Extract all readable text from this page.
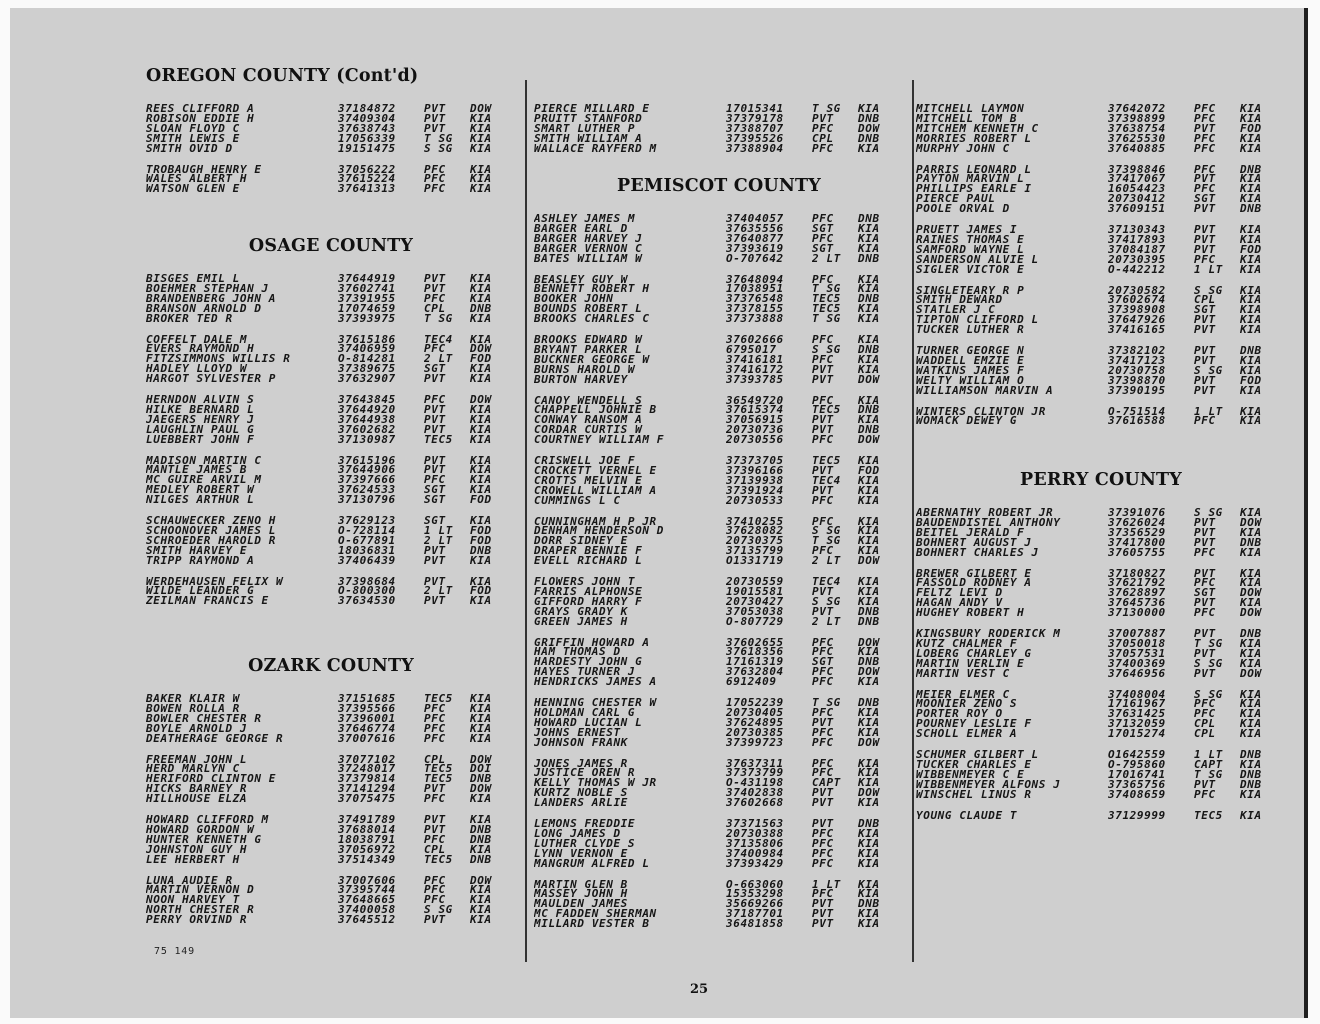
OREGON COUNTY (Cont'd)
REES CLIFFORD A	37184872	PVT	DOW
ROBISON EDDIE H	37409304	PVT	KIA
SLOAN FLOYD C	37638743	PVT	KIA
SMITH LEWIS E	17056339	T SG	KIA
SMITH OVID D	19151475	S SG	KIA
TROBAUGH HENRY E	37056222	PFC	KIA
WALES ALBERT H	37615224	PFC	KIA
WATSON GLEN E	37641313	PFC	KIA
OSAGE COUNTY
BISGES EMIL L	37644919	PVT	KIA
BOEHMER STEPHAN J	37602741	PVT	KIA
BRANDENBERG JOHN A	37391955	PFC	KIA
BRANSON ARNOLD D	17074659	CPL	DNB
BROKER TED R	37393975	T SG	KIA
COFFELT DALE M	37615186	TEC4	KIA
EVERS RAYMOND H	37406959	PFC	DOW
FITZSIMMONS WILLIS R	O-814281	2 LT	FOD
HADLEY LLOYD W	37389675	SGT	KIA
HARGOT SYLVESTER P	37632907	PVT	KIA
HERNDON ALVIN S	37643845	PFC	DOW
HILKE BERNARD L	37644920	PVT	KIA
JAEGERS HENRY J	37644938	PVT	KIA
LAUGHLIN PAUL G	37602682	PVT	KIA
LUEBBERT JOHN F	37130987	TEC5	KIA
MADISON MARTIN C	37615196	PVT	KIA
MANTLE JAMES B	37644906	PVT	KIA
MC GUIRE ARVIL M	37397666	PFC	KIA
MEDLEY ROBERT W	37624533	SGT	KIA
NILGES ARTHUR L	37130796	SGT	FOD
SCHAUWECKER ZENO H	37629123	SGT	KIA
SCHOONOVER JAMES L	O-728114	1 LT	FOD
SCHROEDER HAROLD R	O-677891	2 LT	FOD
SMITH HARVEY E	18036831	PVT	DNB
TRIPP RAYMOND A	37406439	PVT	KIA
WERDEHAUSEN FELIX W	37398684	PVT	KIA
WILDE LEANDER G	O-800300	2 LT	FOD
ZEILMAN FRANCIS E	37634530	PVT	KIA
OZARK COUNTY
BAKER KLAIR W	37151685	TEC5	KIA
BOWEN ROLLA R	37395566	PFC	KIA
BOWLER CHESTER R	37396001	PFC	KIA
BOYLE ARNOLD J	37646774	PFC	KIA
DEATHERAGE GEORGE R	37007616	PFC	KIA
FREEMAN JOHN L	37077102	CPL	DOW
HERD MARLYN C	37248017	TEC5	DOI
HERIFORD CLINTON E	37379814	TEC5	DNB
HICKS BARNEY R	37141294	PVT	DOW
HILLHOUSE ELZA	37075475	PFC	KIA
HOWARD CLIFFORD M	37491789	PVT	KIA
HOWARD GORDON W	37688014	PVT	DNB
HUNTER KENNETH G	18038791	PFC	DNB
JOHNSTON GUY H	37056972	CPL	KIA
LEE HERBERT H	37514349	TEC5	DNB
LUNA AUDIE R	37007606	PFC	DOW
MARTIN VERNON D	37395744	PFC	KIA
NOON HARVEY T	37648665	PFC	KIA
NORTH CHESTER R	37400058	S SG	KIA
PERRY ORVIND R	37645512	PVT	KIA
PIERCE MILLARD E	17015341	T SG	KIA
PRUITT STANFORD	37379178	PVT	DNB
SMART LUTHER P	37388707	PFC	DOW
SMITH WILLIAM A	37395526	CPL	DNB
WALLACE RAYFERD M	37388904	PFC	KIA
PEMISCOT COUNTY
ASHLEY JAMES M	37404057	PFC	DNB
BARGER EARL D	37635556	SGT	KIA
BARGER HARVEY J	37640877	PFC	KIA
BARGER VERNON C	37393619	SGT	KIA
BATES WILLIAM W	O-707642	2 LT	DNB
BEASLEY GUY W	37648094	PFC	KIA
BENNETT ROBERT H	17038951	T SG	KIA
BOOKER JOHN	37376548	TEC5	DNB
BOUNDS ROBERT L	37378155	TEC5	KIA
BROOKS CHARLES C	37373888	T SG	KIA
BROOKS EDWARD W	37602666	PFC	KIA
BRYANT PARKER L	6795017	S SG	DNB
BUCKNER GEORGE W	37416181	PFC	KIA
BURNS HAROLD W	37416172	PVT	KIA
BURTON HARVEY	37393785	PVT	DOW
CANOY WENDELL S	36549720	PFC	KIA
CHAPPELL JOHNIE B	37615374	TEC5	DNB
CONWAY RANSOM A	37056915	PVT	KIA
CORDAR CURTIS W	20730736	PVT	DNB
COURTNEY WILLIAM F	20730556	PFC	DOW
CRISWELL JOE F	37373705	TEC5	KIA
CROCKETT VERNEL E	37396166	PVT	FOD
CROTTS MELVIN E	37139938	TEC4	KIA
CROWELL WILLIAM A	37391924	PVT	KIA
CUMMINGS L C	20730533	PFC	KIA
CUNNINGHAM H P JR	37410255	PFC	KIA
DENHAM HENDERSON D	37628082	S SG	KIA
DORR SIDNEY E	20730375	T SG	KIA
DRAPER BENNIE F	37135799	PFC	KIA
EVELL RICHARD L	O1331719	2 LT	DOW
FLOWERS JOHN T	20730559	TEC4	KIA
FARRIS ALPHONSE	19015581	PVT	KIA
GIFFORD HARRY F	20730427	S SG	KIA
GRAYS GRADY K	37053038	PVT	DNB
GREEN JAMES H	O-807729	2 LT	DNB
GRIFFIN HOWARD A	37602655	PFC	DOW
HAM THOMAS D	37618356	PFC	KIA
HARDESTY JOHN G	17161319	SGT	DNB
HAYES TURNER J	37632804	PFC	DOW
HENDRICKS JAMES A	6912409	PFC	KIA
HENNING CHESTER W	17052239	T SG	DNB
HOLDMAN CARL G	20730405	PFC	KIA
HOWARD LUCIAN L	37624895	PVT	KIA
JOHNS ERNEST	20730385	PFC	KIA
JOHNSON FRANK	37399723	PFC	DOW
JONES JAMES R	37637311	PFC	KIA
JUSTICE OREN R	37373799	PFC	KIA
KELLY THOMAS W JR	O-431198	CAPT	KIA
KURTZ NOBLE S	37402838	PVT	DOW
LANDERS ARLIE	37602668	PVT	KIA
LEMONS FREDDIE	37371563	PVT	DNB
LONG JAMES D	20730388	PFC	KIA
LUTHER CLYDE S	37135806	PFC	KIA
LYNN VERNON E	37400984	PFC	KIA
MANGRUM ALFRED L	37393429	PFC	KIA
MARTIN GLEN B	O-663060	1 LT	KIA
MASSEY JOHN H	15353298	PFC	KIA
MAULDEN JAMES	35669266	PVT	DNB
MC FADDEN SHERMAN	37187701	PVT	KIA
MILLARD VESTER B	36481858	PVT	KIA
MITCHELL LAYMON	37642072	PFC	KIA
MITCHELL TOM B	37398899	PFC	KIA
MITCHEM KENNETH C	37638754	PVT	FOD
MORRIES ROBERT L	37625530	PFC	KIA
MURPHY JOHN C	37640885	PFC	KIA
PARRIS LEONARD L	37398846	PFC	DNB
PAYTON MARVIN L	37417067	PVT	KIA
PHILLIPS EARLE I	16054423	PFC	KIA
PIERCE PAUL	20730412	SGT	KIA
POOLE ORVAL D	37609151	PVT	DNB
PRUETT JAMES I	37130343	PVT	KIA
RAINES THOMAS E	37417893	PVT	KIA
SAMFORD WAYNE L	37084187	PVT	FOD
SANDERSON ALVIE L	20730395	PFC	KIA
SIGLER VICTOR E	O-442212	1 LT	KIA
SINGLETEARY R P	20730582	S SG	KIA
SMITH DEWARD	37602674	CPL	KIA
STATLER J C	37398908	SGT	KIA
TIPTON CLIFFORD L	37647926	PVT	KIA
TUCKER LUTHER R	37416165	PVT	KIA
TURNER GEORGE N	37382102	PVT	DNB
WADDELL EMZIE E	37417123	PVT	KIA
WATKINS JAMES F	20730758	S SG	KIA
WELTY WILLIAM O	37398870	PVT	FOD
WILLIAMSON MARVIN A	37390195	PVT	KIA
WINTERS CLINTON JR	O-751514	1 LT	KIA
WOMACK DEWEY G	37616588	PFC	KIA
PERRY COUNTY
ABERNATHY ROBERT JR	37391076	S SG	KIA
BAUDENDISTEL ANTHONY	37626024	PVT	DOW
BEITEL JERALD F	37356529	PVT	KIA
BOHNERT AUGUST J	37417800	PVT	DNB
BOHNERT CHARLES J	37605755	PFC	KIA
BREWER GILBERT E	37180827	PVT	KIA
FASSOLD RODNEY A	37621792	PFC	KIA
FELTZ LEVI D	37628897	SGT	DOW
HAGAN ANDY V	37645736	PVT	KIA
HUGHEY ROBERT H	37130000	PFC	DOW
KINGSBURY RODERICK M	37007887	PVT	DNB
KUTZ CHALMER F	37050018	T SG	KIA
LOBERG CHARLEY G	37057531	PVT	KIA
MARTIN VERLIN E	37400369	S SG	KIA
MARTIN VEST C	37646956	PVT	DOW
MEIER ELMER C	37408004	S SG	KIA
MOONIER ZENO S	17161967	PFC	KIA
PORTER ROY O	37631425	PFC	KIA
POURNEY LESLIE F	37132059	CPL	KIA
SCHOLL ELMER A	17015274	CPL	KIA
SCHUMER GILBERT L	O1642559	1 LT	DNB
TUCKER CHARLES E	O-795860	CAPT	KIA
WIBBENMEYER C E	17016741	T SG	DNB
WIBBENMEYER ALFONS J	37365756	PVT	DNB
WINSCHEL LINUS R	37408659	PFC	KIA
YOUNG CLAUDE T	37129999	TEC5	KIA
75 149
25
